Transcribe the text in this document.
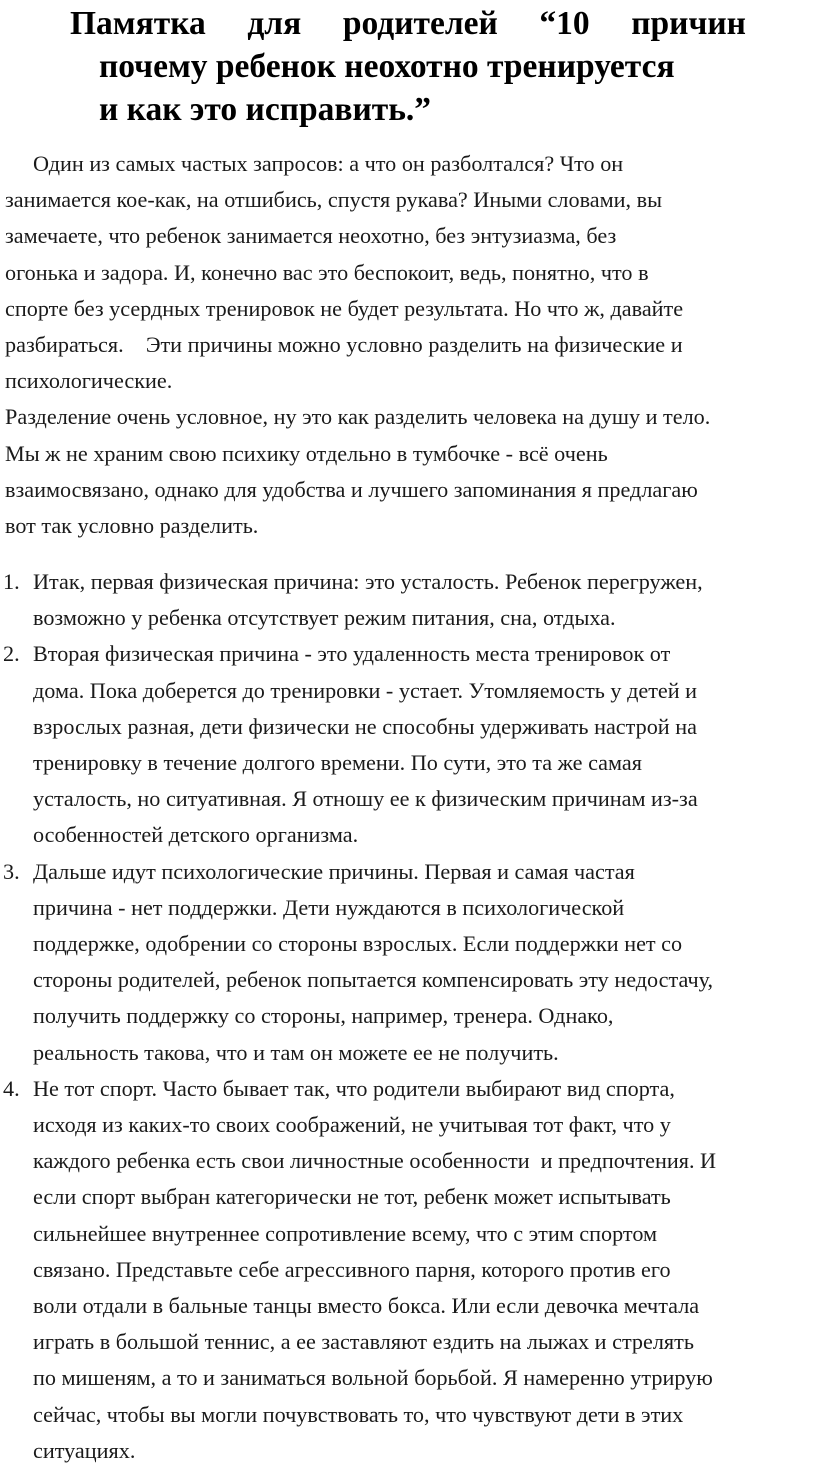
Памятка для родителей “10 причин
почему ребенок неохотно тренируется
и как это исправить.”
Один из самых частых запросов: а что он разболтался? Что он
занимается кое-как, на отшибись, спустя рукава? Иными словами, вы
замечаете, что ребенок занимается неохотно, без энтузиазма, без
огонька и задора. И, конечно вас это беспокоит, ведь, понятно, что в
спорте без усердных тренировок не будет результата. Но что ж, давайте
разбираться.    Эти причины можно условно разделить на физические и
психологические.
Разделение очень условное, ну это как разделить человека на душу и тело.
Мы ж не храним свою психику отдельно в тумбочке - всё очень
взаимосвязано, однако для удобства и лучшего запоминания я предлагаю
вот так условно разделить.
1. Итак, первая физическая причина: это усталость. Ребенок перегружен,
возможно у ребенка отсутствует режим питания, сна, отдыха.
2. Вторая физическая причина - это удаленность места тренировок от
дома. Пока доберется до тренировки - устает. Утомляемость у детей и
взрослых разная, дети физически не способны удерживать настрой на
тренировку в течение долгого времени. По сути, это та же самая
усталость, но ситуативная. Я отношу ее к физическим причинам из-за
особенностей детского организма.
3. Дальше идут психологические причины. Первая и самая частая
причина - нет поддержки. Дети нуждаются в психологической
поддержке, одобрении со стороны взрослых. Если поддержки нет со
стороны родителей, ребенок попытается компенсировать эту недостачу,
получить поддержку со стороны, например, тренера. Однако,
реальность такова, что и там он можете ее не получить.
4. Не тот спорт. Часто бывает так, что родители выбирают вид спорта,
исходя из каких-то своих соображений, не учитывая тот факт, что у
каждого ребенка есть свои личностные особенности  и предпочтения. И
если спорт выбран категорически не тот, ребенк может испытывать
сильнейшее внутреннее сопротивление всему, что с этим спортом
связано. Представьте себе агрессивного парня, которого против его
воли отдали в бальные танцы вместо бокса. Или если девочка мечтала
играть в большой теннис, а ее заставляют ездить на лыжах и стрелять
по мишеням, а то и заниматься вольной борьбой. Я намеренно утрирую
сейчас, чтобы вы могли почувствовать то, что чувствуют дети в этих
ситуациях.
